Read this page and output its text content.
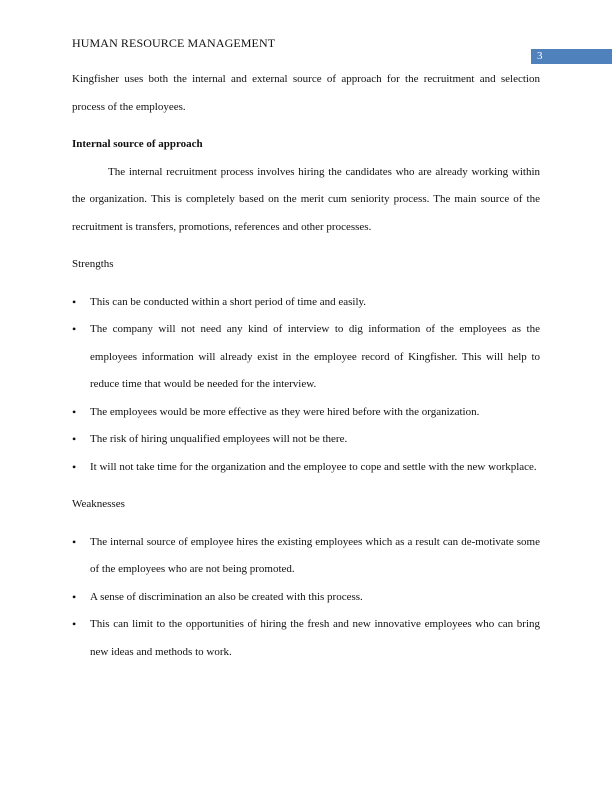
HUMAN RESOURCE MANAGEMENT
3

Kingfisher uses both the internal and external source of approach for the recruitment and selection process of the employees.

Internal source of approach

The internal recruitment process involves hiring the candidates who are already working within the organization. This is completely based on the merit cum seniority process. The main source of the recruitment is transfers, promotions, references and other processes.

Strengths

• This can be conducted within a short period of time and easily.
• The company will not need any kind of interview to dig information of the employees as the employees information will already exist in the employee record of Kingfisher. This will help to reduce time that would be needed for the interview.
• The employees would be more effective as they were hired before with the organization.
• The risk of hiring unqualified employees will not be there.
• It will not take time for the organization and the employee to cope and settle with the new workplace.

Weaknesses

• The internal source of employee hires the existing employees which as a result can de-motivate some of the employees who are not being promoted.
• A sense of discrimination an also be created with this process.
• This can limit to the opportunities of hiring the fresh and new innovative employees who can bring new ideas and methods to work.
